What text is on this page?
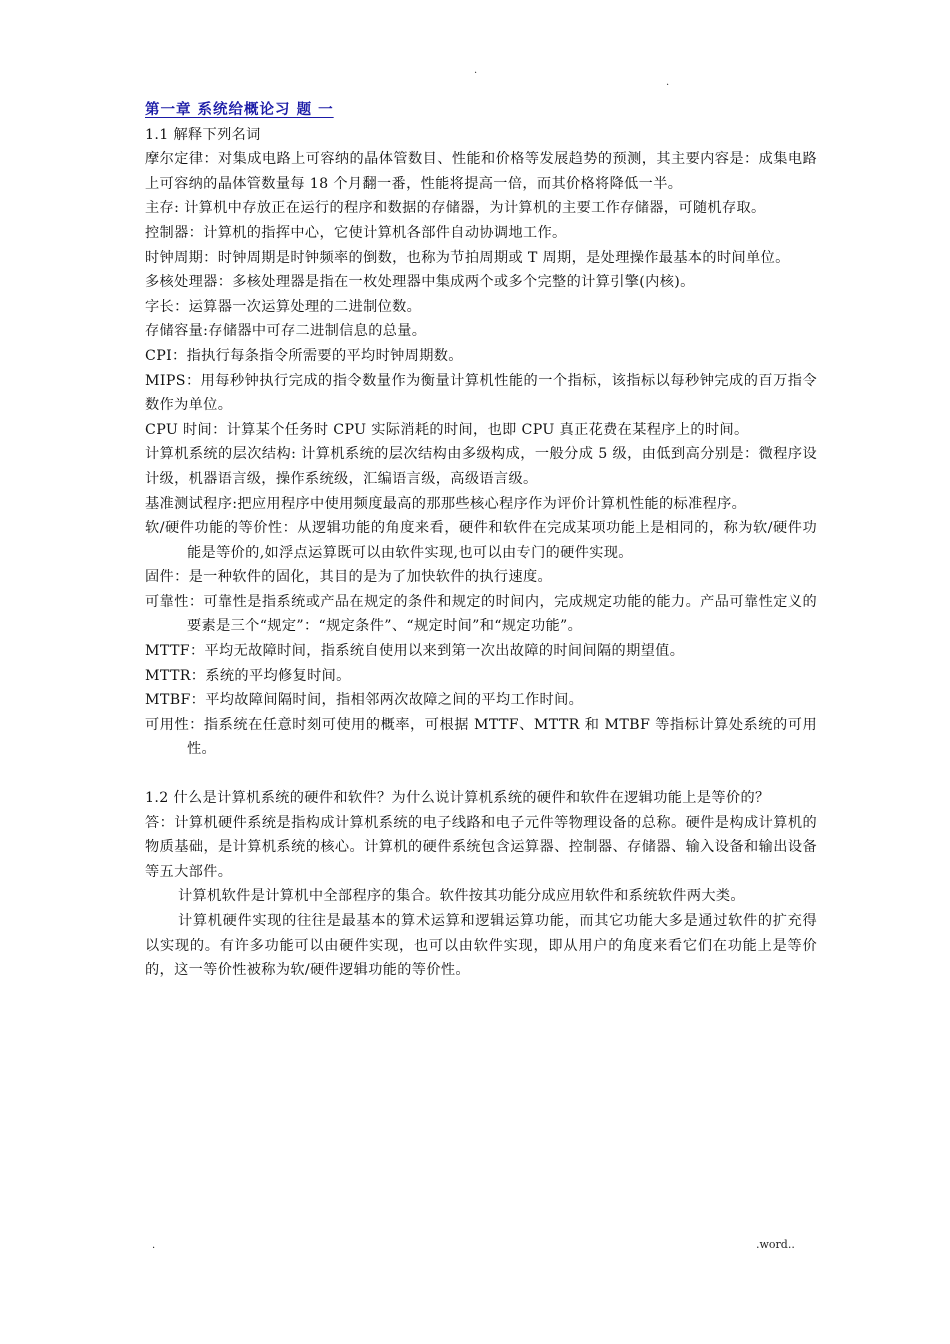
.
.

第一章 系统给概论习 题 一

1.1 解释下列名词

摩尔定律：对集成电路上可容纳的晶体管数目、性能和价格等发展趋势的预测，其主要内容是：成集电路上可容纳的晶体管数量每 18 个月翻一番，性能将提高一倍，而其价格将降低一半。

主存: 计算机中存放正在运行的程序和数据的存储器，为计算机的主要工作存储器，可随机存取。

控制器：计算机的指挥中心，它使计算机各部件自动协调地工作。

时钟周期：时钟周期是时钟频率的倒数，也称为节拍周期或 T 周期，是处理操作最基本的时间单位。

多核处理器：多核处理器是指在一枚处理器中集成两个或多个完整的计算引擎(内核)。

字长：运算器一次运算处理的二进制位数。

存储容量:存储器中可存二进制信息的总量。

CPI：指执行每条指令所需要的平均时钟周期数。

MIPS：用每秒钟执行完成的指令数量作为衡量计算机性能的一个指标，该指标以每秒钟完成的百万指令数作为单位。

CPU 时间：计算某个任务时 CPU 实际消耗的时间，也即 CPU 真正花费在某程序上的时间。

计算机系统的层次结构: 计算机系统的层次结构由多级构成，一般分成 5 级，由低到高分别是：微程序设计级，机器语言级，操作系统级，汇编语言级，高级语言级。

基准测试程序:把应用程序中使用频度最高的那那些核心程序作为评价计算机性能的标准程序。

软/硬件功能的等价性：从逻辑功能的角度来看，硬件和软件在完成某项功能上是相同的，称为软/硬件功能是等价的,如浮点运算既可以由软件实现,也可以由专门的硬件实现。

固件：是一种软件的固化，其目的是为了加快软件的执行速度。

可靠性：可靠性是指系统或产品在规定的条件和规定的时间内，完成规定功能的能力。产品可靠性定义的要素是三个“规定”：“规定条件”、“规定时间”和“规定功能”。

MTTF：平均无故障时间，指系统自使用以来到第一次出故障的时间间隔的期望值。

MTTR：系统的平均修复时间。

MTBF：平均故障间隔时间，指相邻两次故障之间的平均工作时间。

可用性：指系统在任意时刻可使用的概率，可根据 MTTF、MTTR 和 MTBF 等指标计算处系统的可用性。

1.2 什么是计算机系统的硬件和软件？为什么说计算机系统的硬件和软件在逻辑功能上是等价的？

答：计算机硬件系统是指构成计算机系统的电子线路和电子元件等物理设备的总称。硬件是构成计算机的物质基础，是计算机系统的核心。计算机的硬件系统包含运算器、控制器、存储器、输入设备和输出设备等五大部件。

计算机软件是计算机中全部程序的集合。软件按其功能分成应用软件和系统软件两大类。

计算机硬件实现的往往是最基本的算术运算和逻辑运算功能，而其它功能大多是通过软件的扩充得以实现的。有许多功能可以由硬件实现，也可以由软件实现，即从用户的角度来看它们在功能上是等价的，这一等价性被称为软/硬件逻辑功能的等价性。

.	.word..
